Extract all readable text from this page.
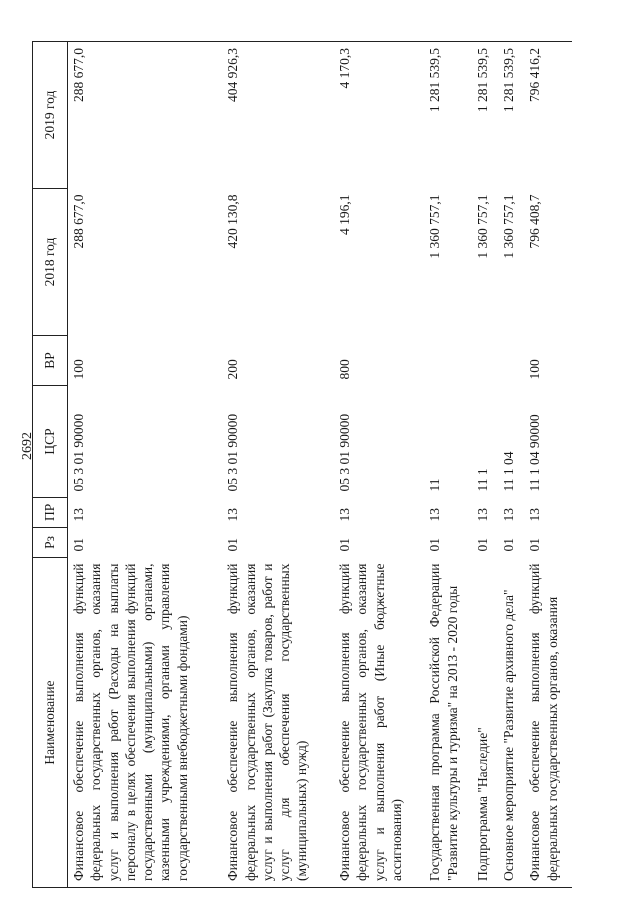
2692
Наименование	Рз	ПР	ЦСР	ВР	2018 год	2019 год
Финансовое обеспечение выполнения функций федеральных государственных органов, оказания услуг и выполнения работ (Расходы на выплаты персоналу в целях обеспечения выполнения функций государственными (муниципальными) органами, казенными учреждениями, органами управления государственными внебюджетными фондами)	01	13	05 3 01 90000	100	288 677,0	288 677,0
Финансовое обеспечение выполнения функций федеральных государственных органов, оказания услуг и выполнения работ (Закупка товаров, работ и услуг для обеспечения государственных (муниципальных) нужд)	01	13	05 3 01 90000	200	420 130,8	404 926,3
Финансовое обеспечение выполнения функций федеральных государственных органов, оказания услуг и выполнения работ (Иные бюджетные ассигнования)	01	13	05 3 01 90000	800	4 196,1	4 170,3
Государственная программа Российской Федерации "Развитие культуры и туризма" на 2013 - 2020 годы	01	13	11		1 360 757,1	1 281 539,5
Подпрограмма "Наследие"	01	13	11 1		1 360 757,1	1 281 539,5
Основное мероприятие "Развитие архивного дела"	01	13	11 1 04		1 360 757,1	1 281 539,5
Финансовое обеспечение выполнения функций федеральных государственных органов, оказания	01	13	11 1 04 90000	100	796 408,7	796 416,2
